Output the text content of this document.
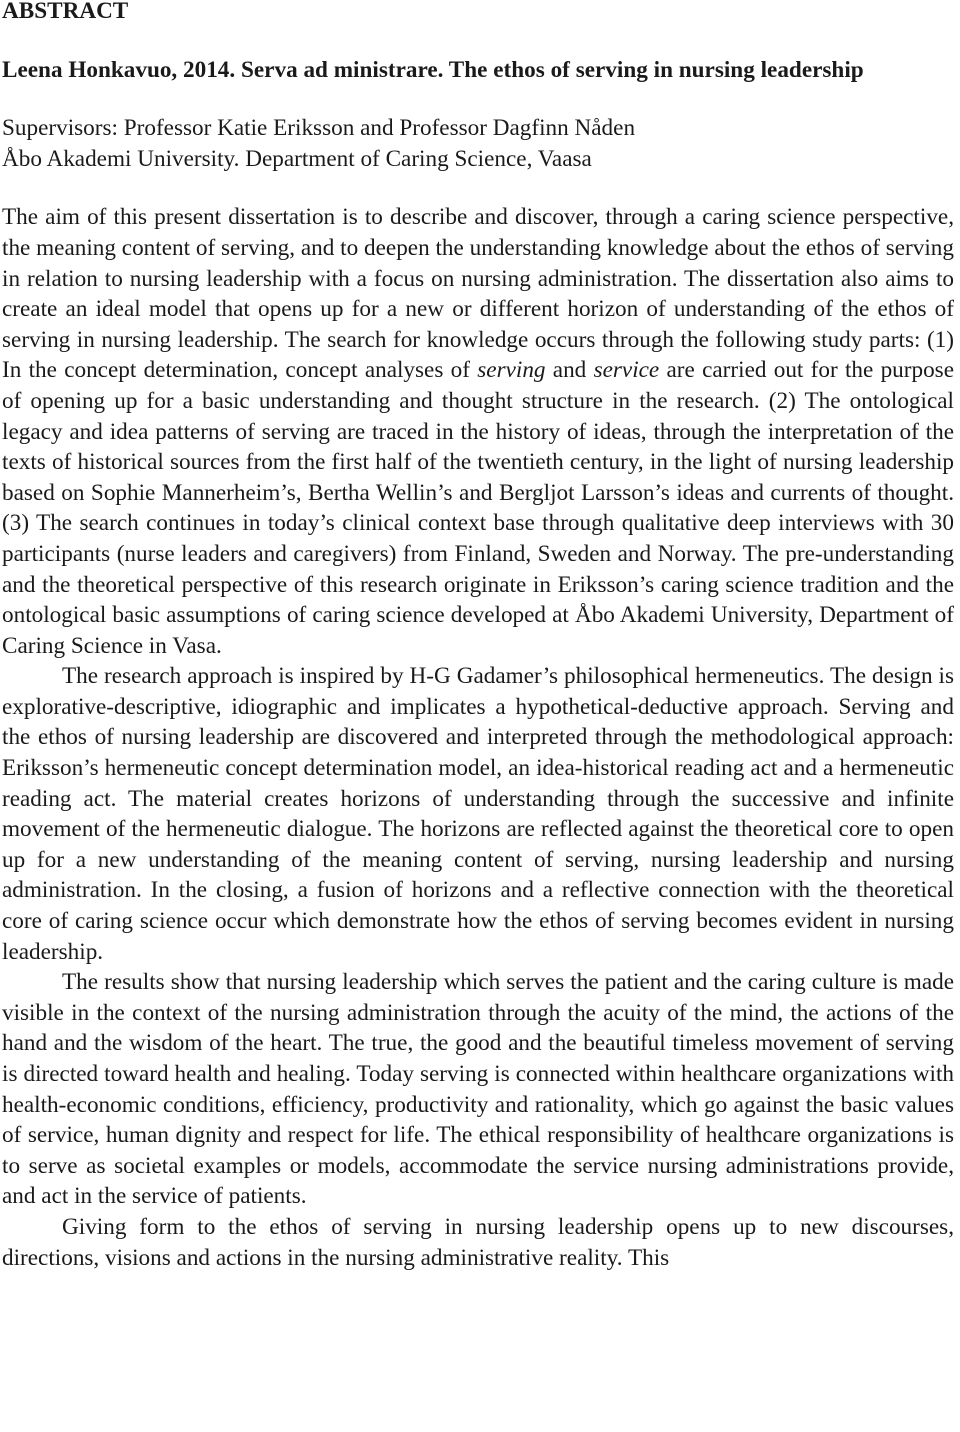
ABSTRACT
Leena Honkavuo, 2014. Serva ad ministrare. The ethos of serving in nursing leadership
Supervisors: Professor Katie Eriksson and Professor Dagfinn Nåden
Åbo Akademi University. Department of Caring Science, Vaasa

The aim of this present dissertation is to describe and discover, through a caring science perspective, the meaning content of serving, and to deepen the understanding knowledge about the ethos of serving in relation to nursing leadership with a focus on nursing administration. The dissertation also aims to create an ideal model that opens up for a new or different horizon of understanding of the ethos of serving in nursing leadership. The search for knowledge occurs through the following study parts: (1) In the concept determination, concept analyses of serving and service are carried out for the purpose of opening up for a basic understanding and thought structure in the research. (2) The ontological legacy and idea patterns of serving are traced in the history of ideas, through the interpretation of the texts of historical sources from the first half of the twentieth century, in the light of nursing leadership based on Sophie Mannerheim’s, Bertha Wellin’s and Bergljot Larsson’s ideas and currents of thought. (3) The search continues in today’s clinical context base through qualitative deep interviews with 30 participants (nurse leaders and caregivers) from Finland, Sweden and Norway. The pre-understanding and the theoretical perspective of this research originate in Eriksson’s caring science tradition and the ontological basic assumptions of caring science developed at Åbo Akademi University, Department of Caring Science in Vasa.

The research approach is inspired by H-G Gadamer’s philosophical hermeneutics. The design is explorative-descriptive, idiographic and implicates a hypothetical-deductive approach. Serving and the ethos of nursing leadership are discovered and interpreted through the methodological approach: Eriksson’s hermeneutic concept determination model, an idea-historical reading act and a hermeneutic reading act. The material creates horizons of understanding through the successive and infinite movement of the hermeneutic dialogue. The horizons are reflected against the theoretical core to open up for a new understanding of the meaning content of serving, nursing leadership and nursing administration. In the closing, a fusion of horizons and a reflective connection with the theoretical core of caring science occur which demonstrate how the ethos of serving becomes evident in nursing leadership.

The results show that nursing leadership which serves the patient and the caring culture is made visible in the context of the nursing administration through the acuity of the mind, the actions of the hand and the wisdom of the heart. The true, the good and the beautiful timeless movement of serving is directed toward health and healing. Today serving is connected within healthcare organizations with health-economic conditions, efficiency, productivity and rationality, which go against the basic values of service, human dignity and respect for life. The ethical responsibility of healthcare organizations is to serve as societal examples or models, accommodate the service nursing administrations provide, and act in the service of patients.

Giving form to the ethos of serving in nursing leadership opens up to new discourses, directions, visions and actions in the nursing administrative reality. This
